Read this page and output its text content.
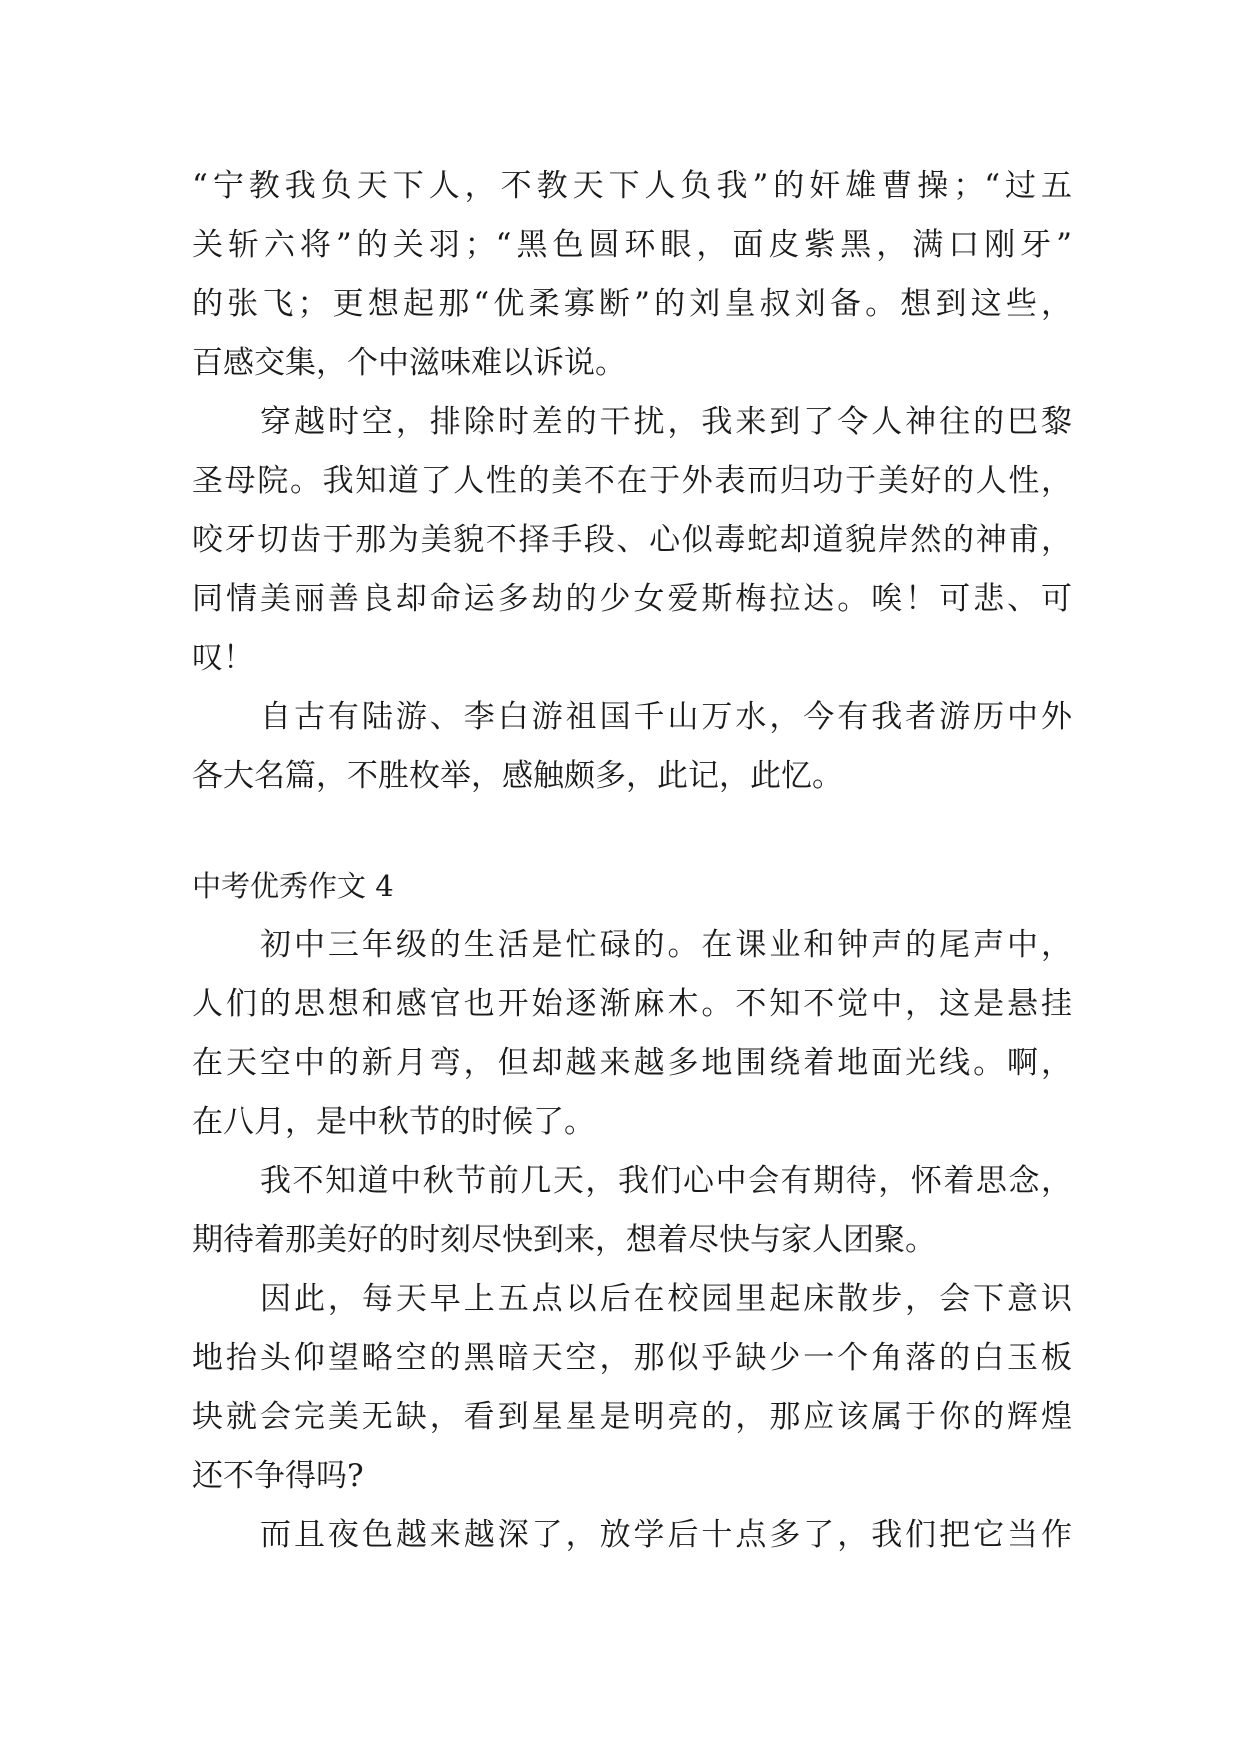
“宁教我负天下人，不教天下人负我”的奸雄曹操；“过五
关斩六将”的关羽；“黑色圆环眼，面皮紫黑，满口刚牙”
的张飞；更想起那“优柔寡断”的刘皇叔刘备。想到这些，
百感交集，个中滋味难以诉说。
穿越时空，排除时差的干扰，我来到了令人神往的巴黎
圣母院。我知道了人性的美不在于外表而归功于美好的人性，
咬牙切齿于那为美貌不择手段、心似毒蛇却道貌岸然的神甫，
同情美丽善良却命运多劫的少女爱斯梅拉达。唉！可悲、可
叹！
自古有陆游、李白游祖国千山万水，今有我者游历中外
各大名篇，不胜枚举，感触颇多，此记，此忆。
中考优秀作文 4
初中三年级的生活是忙碌的。在课业和钟声的尾声中，
人们的思想和感官也开始逐渐麻木。不知不觉中，这是悬挂
在天空中的新月弯，但却越来越多地围绕着地面光线。啊，
在八月，是中秋节的时候了。
我不知道中秋节前几天，我们心中会有期待，怀着思念，
期待着那美好的时刻尽快到来，想着尽快与家人团聚。
因此，每天早上五点以后在校园里起床散步，会下意识
地抬头仰望略空的黑暗天空，那似乎缺少一个角落的白玉板
块就会完美无缺，看到星星是明亮的，那应该属于你的辉煌
还不争得吗?
而且夜色越来越深了，放学后十点多了，我们把它当作
